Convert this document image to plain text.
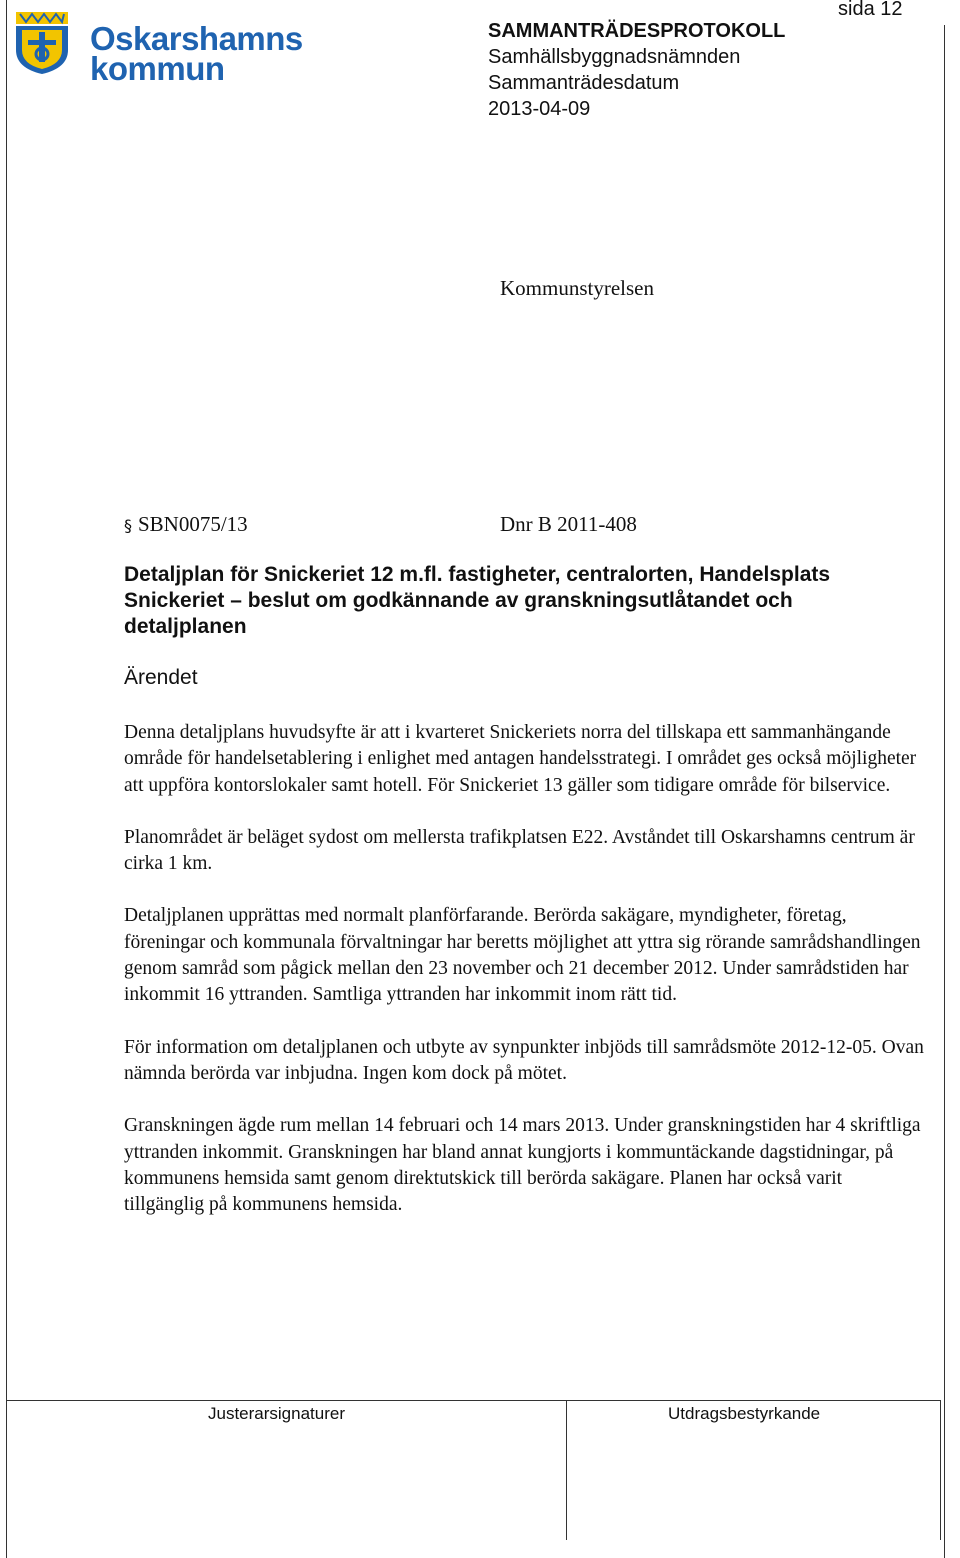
Oskarshamns
kommun
sida 12
SAMMANTRÄDESPROTOKOLL
Samhällsbyggnadsnämnden
Sammanträdesdatum
2013-04-09
Kommunstyrelsen
§ SBN0075/13	Dnr B 2011-408
Detaljplan för Snickeriet 12 m.fl. fastigheter, centralorten, Handelsplats Snickeriet – beslut om godkännande av granskningsutlåtandet och detaljplanen
Ärendet

Denna detaljplans huvudsyfte är att i kvarteret Snickeriets norra del tillskapa ett sammanhängande område för handelsetablering i enlighet med antagen handelsstrategi. I området ges också möjligheter att uppföra kontorslokaler samt hotell. För Snickeriet 13 gäller som tidigare område för bilservice.

Planområdet är beläget sydost om mellersta trafikplatsen E22. Avståndet till Oskarshamns centrum är cirka 1 km.

Detaljplanen upprättas med normalt planförfarande. Berörda sakägare, myndigheter, företag, föreningar och kommunala förvaltningar har beretts möjlighet att yttra sig rörande samrådshandlingen genom samråd som pågick mellan den 23 november och 21 december 2012. Under samrådstiden har inkommit 16 yttranden. Samtliga yttranden har inkommit inom rätt tid.

För information om detaljplanen och utbyte av synpunkter inbjöds till samrådsmöte 2012-12-05. Ovan nämnda berörda var inbjudna. Ingen kom dock på mötet.

Granskningen ägde rum mellan 14 februari och 14 mars 2013. Under granskningstiden har 4 skriftliga yttranden inkommit. Granskningen har bland annat kungjorts i kommuntäckande dagstidningar, på kommunens hemsida samt genom direktutskick till berörda sakägare. Planen har också varit tillgänglig på kommunens hemsida.

Justerarsignaturer	Utdragsbestyrkande
